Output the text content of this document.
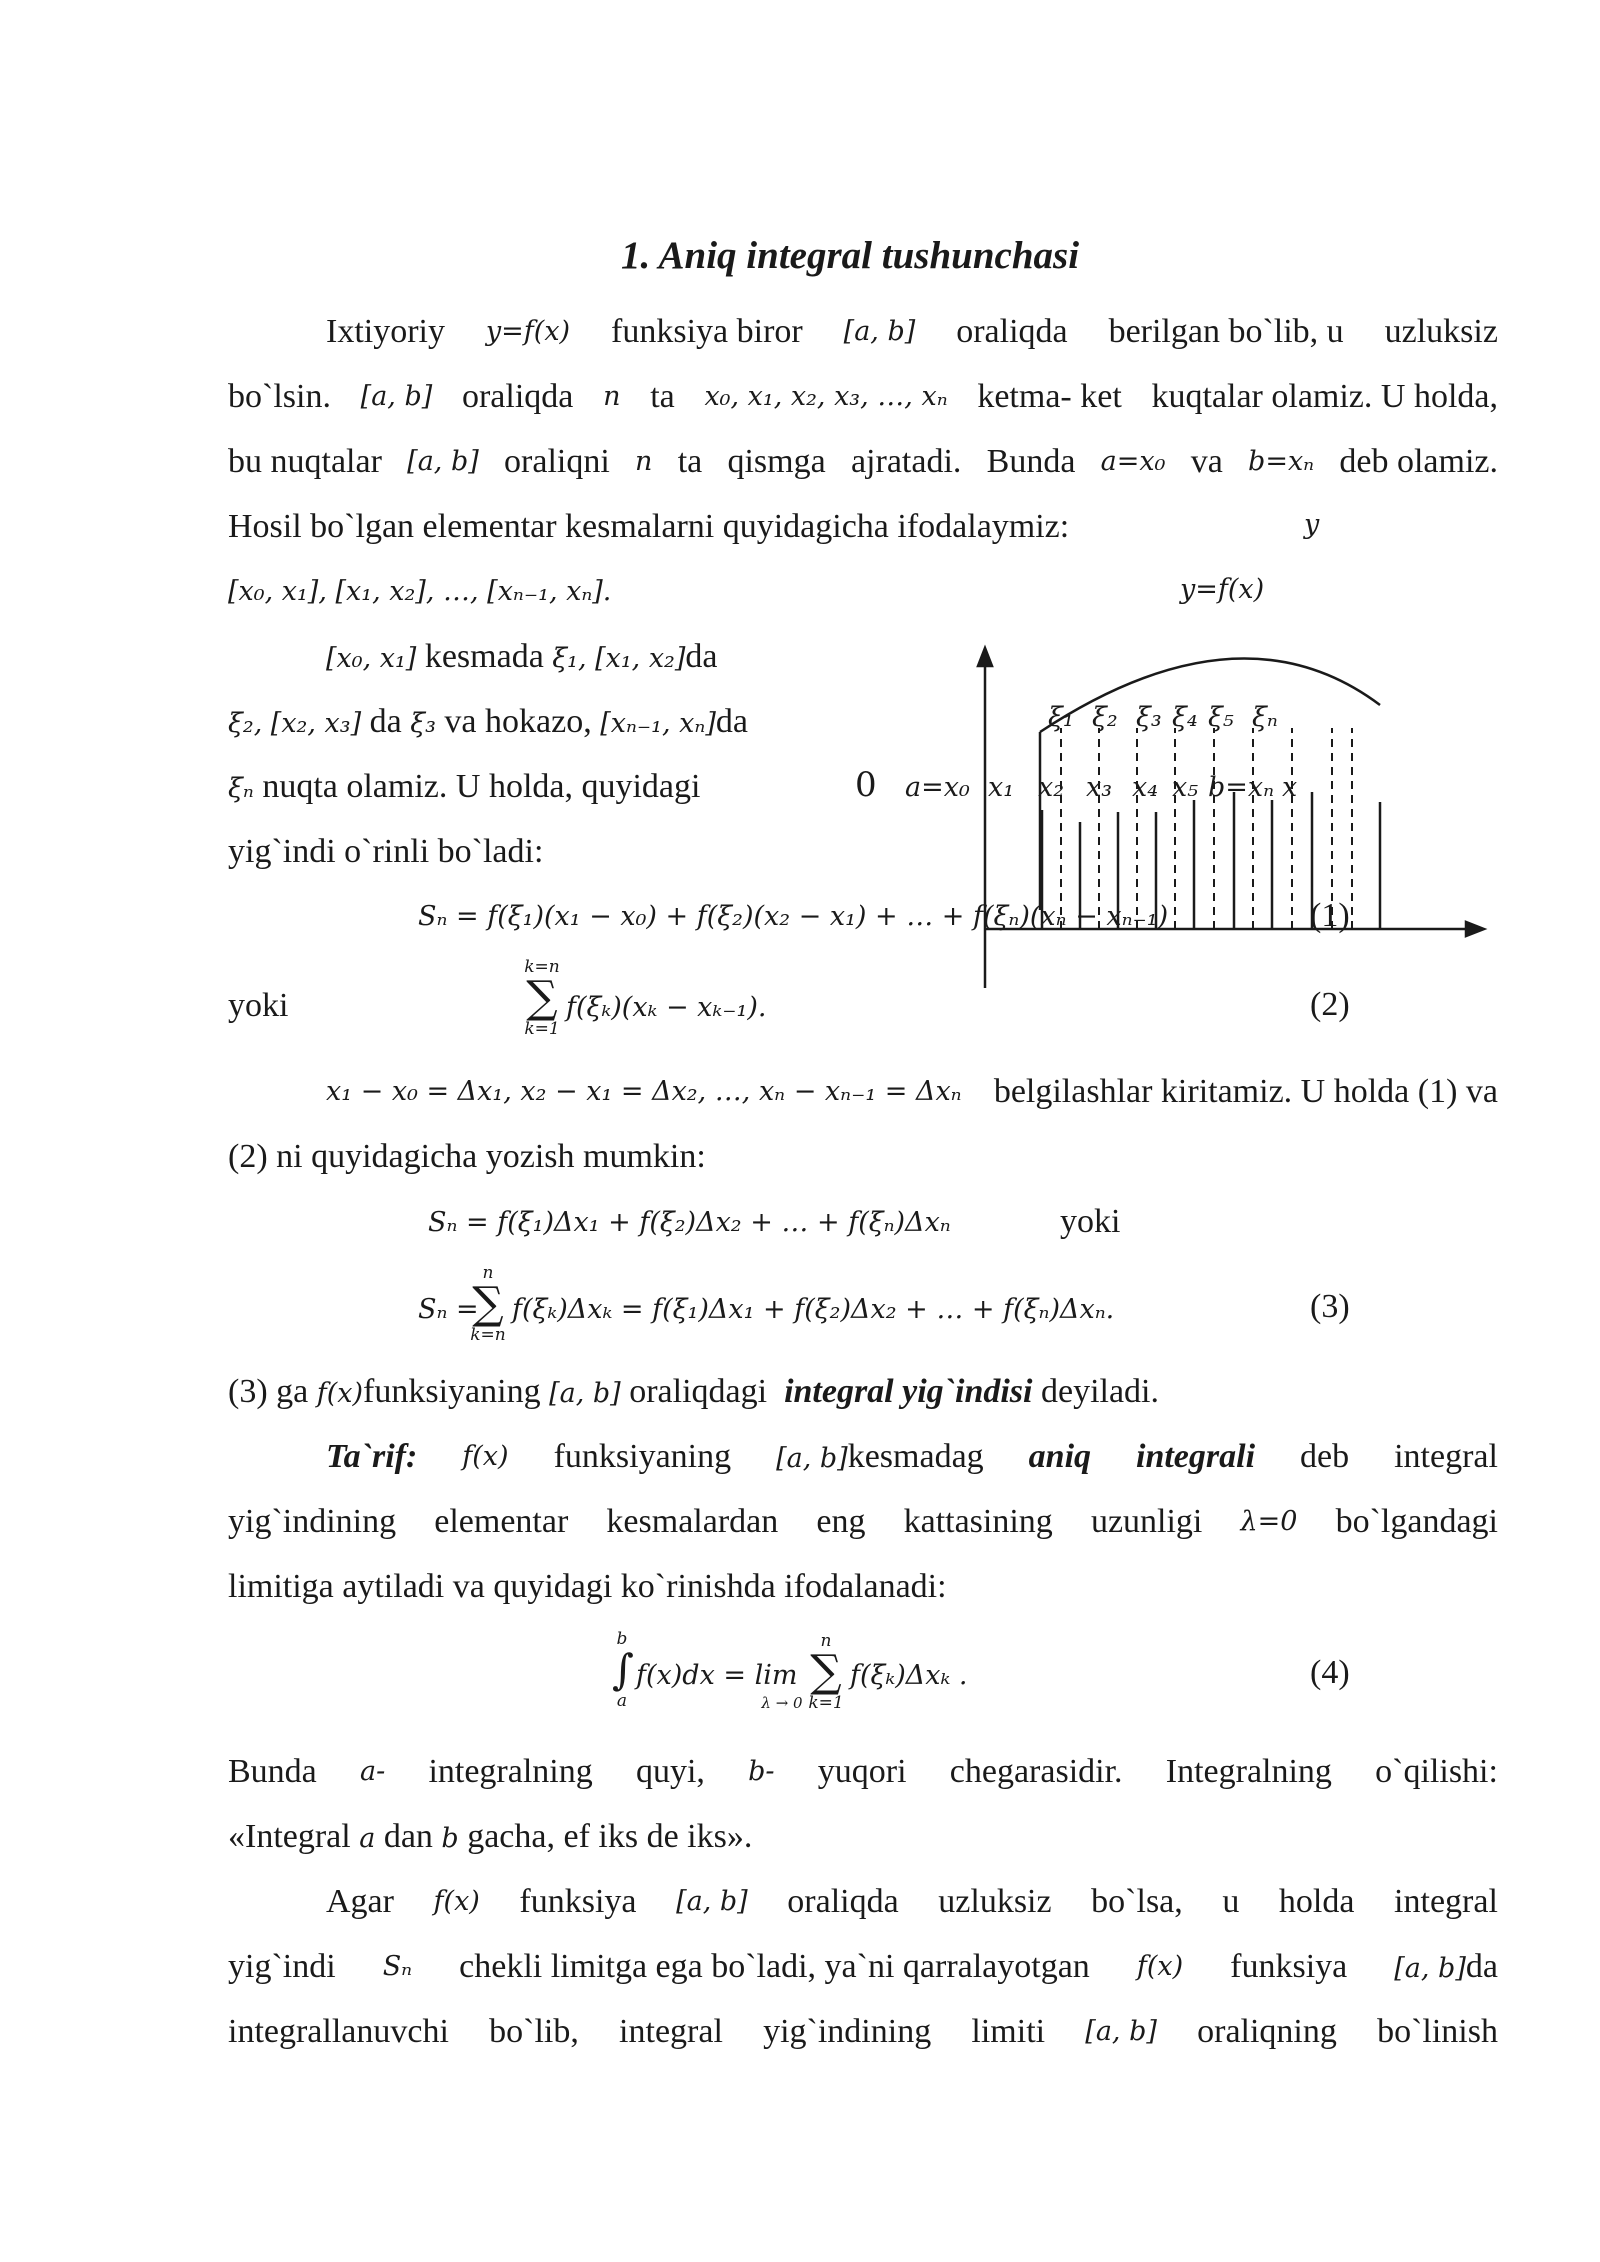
1. Aniq integral tushunchasi
Ixtiyoriy y=f(x) funksiya biror [a, b] oraliqda berilgan bo`lib, u uzluksiz
bo`lsin. [a, b] oraliqda n ta x₀, x₁, x₂, x₃, …, xₙ ketma- ket kuqtalar olamiz. U holda,
bu nuqtalar [a, b] oraliqni n ta qismga ajratadi. Bunda a=x₀ va b=xₙ deb olamiz.
Hosil bo`lgan elementar kesmalarni quyidagicha ifodalaymiz:
[x₀, x₁], [x₁, x₂], …, [xₙ₋₁, xₙ].
[x₀, x₁] kesmada ξ₁, [x₁, x₂]da
ξ₂, [x₂, x₃] da ξ₃ va hokazo, [xₙ₋₁, xₙ]da
ξₙ nuqta olamiz. U holda, quyidagi
yig`indi o`rinli bo`ladi:
y
y=f(x)
ξ₁ ξ₂ ξ₃ ξ₄ ξ₅ ξₙ
0 a=x₀ x₁ x₂ x₃ x₄ x₅ b=xₙ x
Sₙ = f(ξ₁)(x₁ − x₀) + f(ξ₂)(x₂ − x₁) + … + f(ξₙ)(xₙ − xₙ₋₁)	(1)
yoki
k=n
∑
k=1
f(ξₖ)(xₖ − xₖ₋₁).	(2)
x₁ − x₀ = Δx₁, x₂ − x₁ = Δx₂, …, xₙ − xₙ₋₁ = Δxₙ belgilashlar kiritamiz. U holda (1) va
(2) ni quyidagicha yozish mumkin:
Sₙ = f(ξ₁)Δx₁ + f(ξ₂)Δx₂ + … + f(ξₙ)Δxₙ	yoki
Sₙ =
n
∑
k=n
f(ξₖ)Δxₖ = f(ξ₁)Δx₁ + f(ξ₂)Δx₂ + … + f(ξₙ)Δxₙ.	(3)
(3) ga f(x)funksiyaning [a, b] oraliqdagi integral yig`indisi deyiladi.
Ta`rif: f(x) funksiyaning [a, b]kesmadag aniq integrali deb integral
yig`indining elementar kesmalardan eng kattasining uzunligi λ=0 bo`lgandagi
limitiga aytiladi va quyidagi ko`rinishda ifodalanadi:
b
∫
a
f(x)dx = lim
λ → 0
n
∑
k=1
f(ξₖ)Δxₖ .	(4)
Bunda a- integralning quyi, b- yuqori chegarasidir. Integralning o`qilishi:
«Integral a dan b gacha, ef iks de iks».
Agar f(x) funksiya [a, b] oraliqda uzluksiz bo`lsa, u holda integral
yig`indi Sₙ chekli limitga ega bo`ladi, ya`ni qarralayotgan f(x) funksiya [a, b]da
integrallanuvchi bo`lib, integral yig`indining limiti [a, b] oraliqning bo`linish
